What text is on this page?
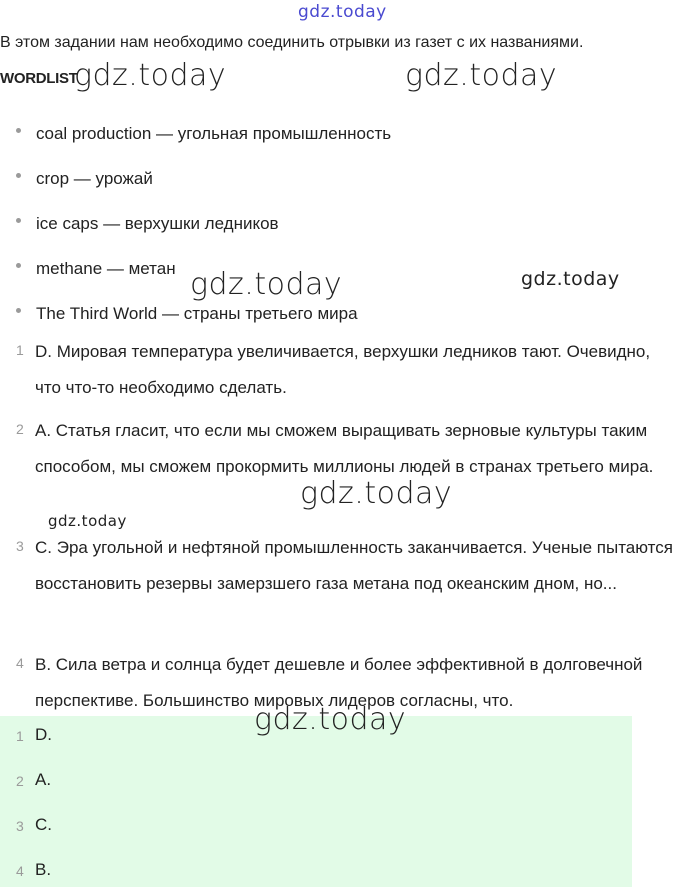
gdz.today
gdz.today	gdz.today
gdz.today	gdz.today
gdz.today
gdz.today
gdz.today
В этом задании нам необходимо соединить отрывки из газет с их названиями.
WORDLIST
coal production — угольная промышленность
crop — урожай
ice caps — верхушки ледников
methane — метан
The Third World — страны третьего мира
1 D. Мировая температура увеличивается, верхушки ледников тают. Очевидно, что что-то необходимо сделать.
2 A. Статья гласит, что если мы сможем выращивать зерновые культуры таким способом, мы сможем прокормить миллионы людей в странах третьего мира.
3 C. Эра угольной и нефтяной промышленность заканчивается. Ученые пытаются восстановить резервы замерзшего газа метана под океанским дном, но...
4 B. Сила ветра и солнца будет дешевле и более эффективной в долговечной перспективе. Большинство мировых лидеров согласны, что.
1 D.
2 A.
3 C.
4 B.
